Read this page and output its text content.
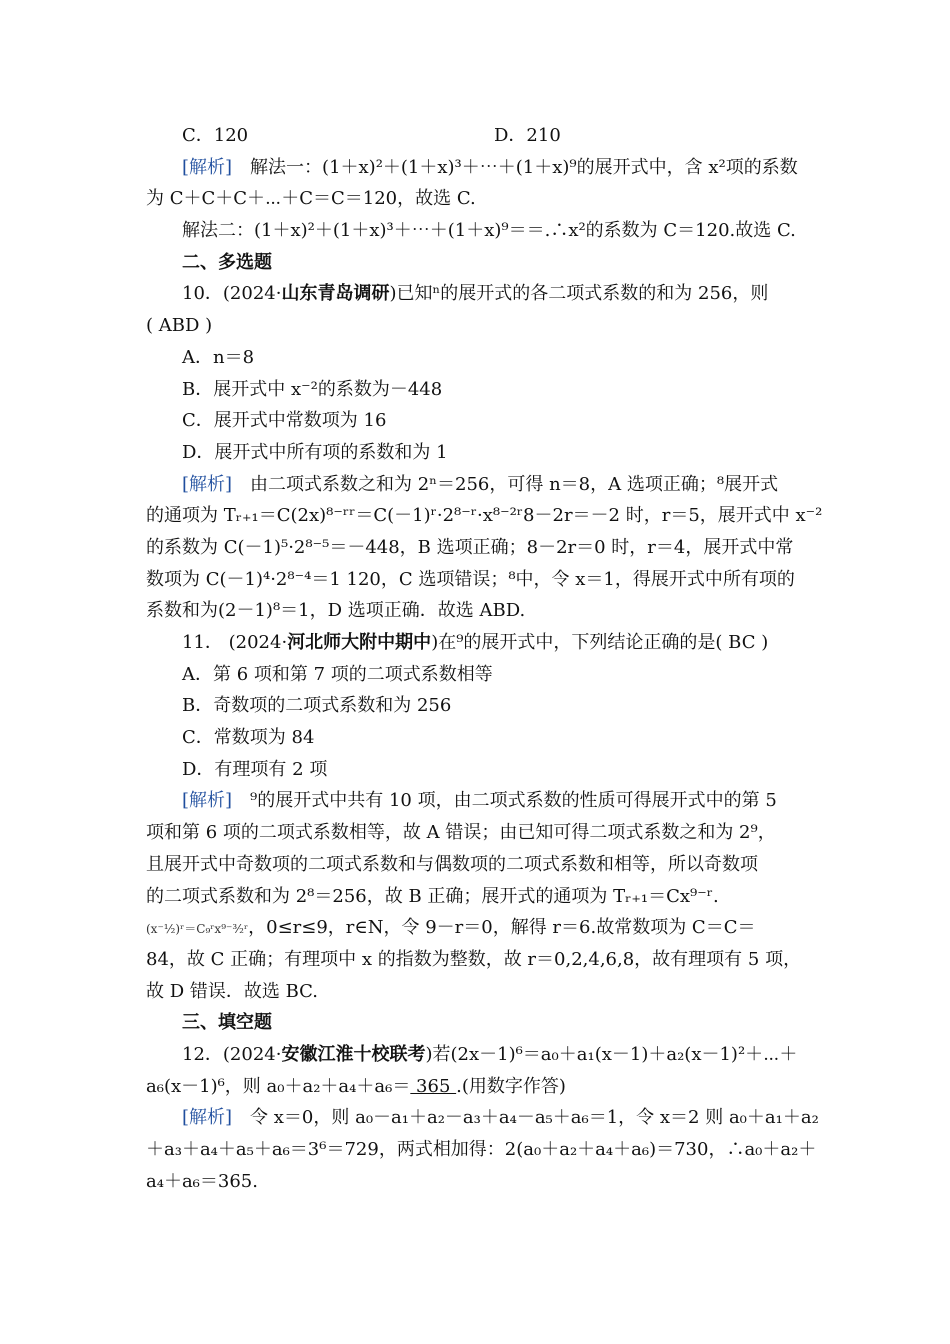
C．120	D．210
[解析]　解法一：(1＋x)²＋(1＋x)³＋⋯＋(1＋x)⁹的展开式中，含 x²项的系数
为 C＋C＋C＋⋯＋C＝C＝120，故选 C.
解法二：(1＋x)²＋(1＋x)³＋⋯＋(1＋x)⁹＝＝.∴x²的系数为 C＝120.故选 C.
二、多选题
10．(2024·山东青岛调研)已知ⁿ的展开式的各二项式系数的和为 256，则
( ABD )
A．n＝8
B．展开式中 x⁻²的系数为－448
C．展开式中常数项为 16
D．展开式中所有项的系数和为 1
[解析]　由二项式系数之和为 2ⁿ＝256，可得 n＝8，A 选项正确；⁸展开式
的通项为 Tᵣ₊₁＝C(2x)⁸⁻ʳʳ＝C(－1)ʳ·2⁸⁻ʳ·x⁸⁻²ʳ8－2r＝－2 时，r＝5，展开式中 x⁻²
的系数为 C(－1)⁵·2⁸⁻⁵＝－448，B 选项正确；8－2r＝0 时，r＝4，展开式中常
数项为 C(－1)⁴·2⁸⁻⁴＝1 120，C 选项错误；⁸中，令 x＝1，得展开式中所有项的
系数和为(2－1)⁸＝1，D 选项正确．故选 ABD.
11． (2024·河北师大附中期中)在⁹的展开式中，下列结论正确的是( BC )
A．第 6 项和第 7 项的二项式系数相等
B．奇数项的二项式系数和为 256
C．常数项为 84
D．有理项有 2 项
[解析]　⁹的展开式中共有 10 项，由二项式系数的性质可得展开式中的第 5
项和第 6 项的二项式系数相等，故 A 错误；由已知可得二项式系数之和为 2⁹，
且展开式中奇数项的二项式系数和与偶数项的二项式系数和相等，所以奇数项
的二项式系数和为 2⁸＝256，故 B 正确；展开式的通项为 Tᵣ₊₁＝Cx⁹⁻ʳ.
(x⁻½)ʳ＝C₉ʳx⁹⁻³⁄₂ʳ，0≤r≤9，r∈N，令 9－r＝0，解得 r＝6.故常数项为 C＝C＝
84，故 C 正确；有理项中 x 的指数为整数，故 r＝0,2,4,6,8，故有理项有 5 项，
故 D 错误．故选 BC.
三、填空题
12．(2024·安徽江淮十校联考)若(2x－1)⁶＝a₀＋a₁(x－1)＋a₂(x－1)²＋⋯＋
a₆(x－1)⁶，则 a₀＋a₂＋a₄＋a₆＝ 365 .(用数字作答)
[解析]　令 x＝0，则 a₀－a₁＋a₂－a₃＋a₄－a₅＋a₆＝1，令 x＝2 则 a₀＋a₁＋a₂
＋a₃＋a₄＋a₅＋a₆＝3⁶＝729，两式相加得：2(a₀＋a₂＋a₄＋a₆)＝730，∴a₀＋a₂＋
a₄＋a₆＝365.
